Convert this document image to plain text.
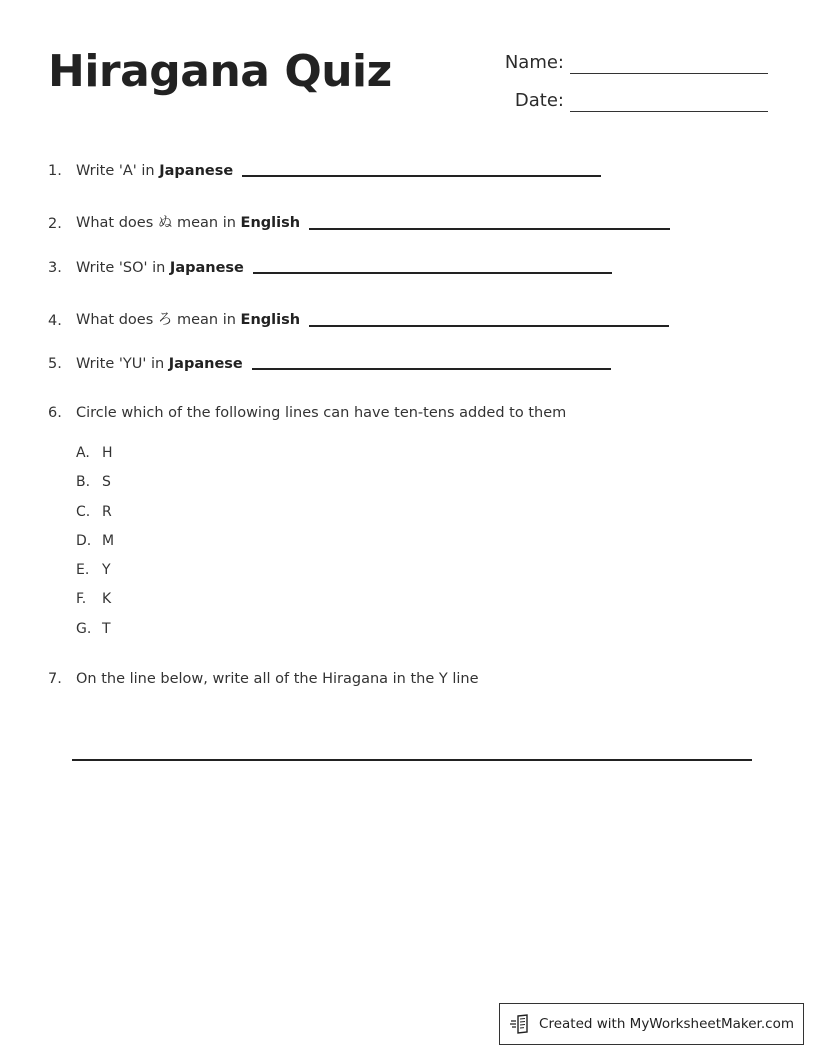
Hiragana Quiz	Name:
Date:
1. Write 'A' in Japanese
2. What does ぬ mean in English
3. Write 'SO' in Japanese
4. What does ろ mean in English
5. Write 'YU' in Japanese
6. Circle which of the following lines can have ten-tens added to them
A. H
B. S
C. R
D. M
E. Y
F.	K
G. T
7. On the line below, write all of the Hiragana in the Y line
Created with MyWorksheetMaker.com
